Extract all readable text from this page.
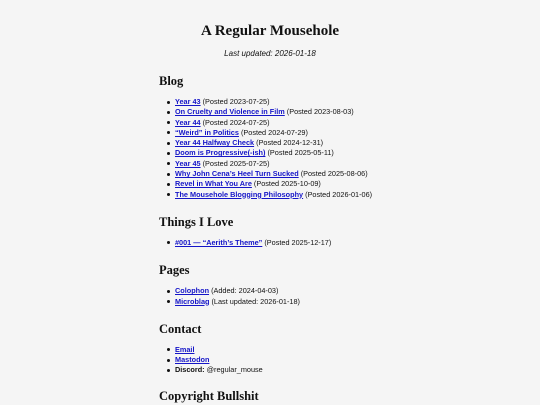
A Regular Mousehole
Last updated: 2026-01-18
Blog
Year 43 (Posted 2023-07-25)
On Cruelty and Violence in Film (Posted 2023-08-03)
Year 44 (Posted 2024-07-25)
“Weird” in Politics (Posted 2024-07-29)
Year 44 Halfway Check (Posted 2024-12-31)
Doom is Progressive(-ish) (Posted 2025-05-11)
Year 45 (Posted 2025-07-25)
Why John Cena’s Heel Turn Sucked (Posted 2025-08-06)
Revel in What You Are (Posted 2025-10-09)
The Mousehole Blogging Philosophy (Posted 2026-01-06)
Things I Love
#001 — “Aerith’s Theme” (Posted 2025-12-17)
Pages
Colophon (Added: 2024-04-03)
Microblag (Last updated: 2026-01-18)
Contact
Email
Mastodon
Discord: @regular_mouse
Copyright Bullshit
